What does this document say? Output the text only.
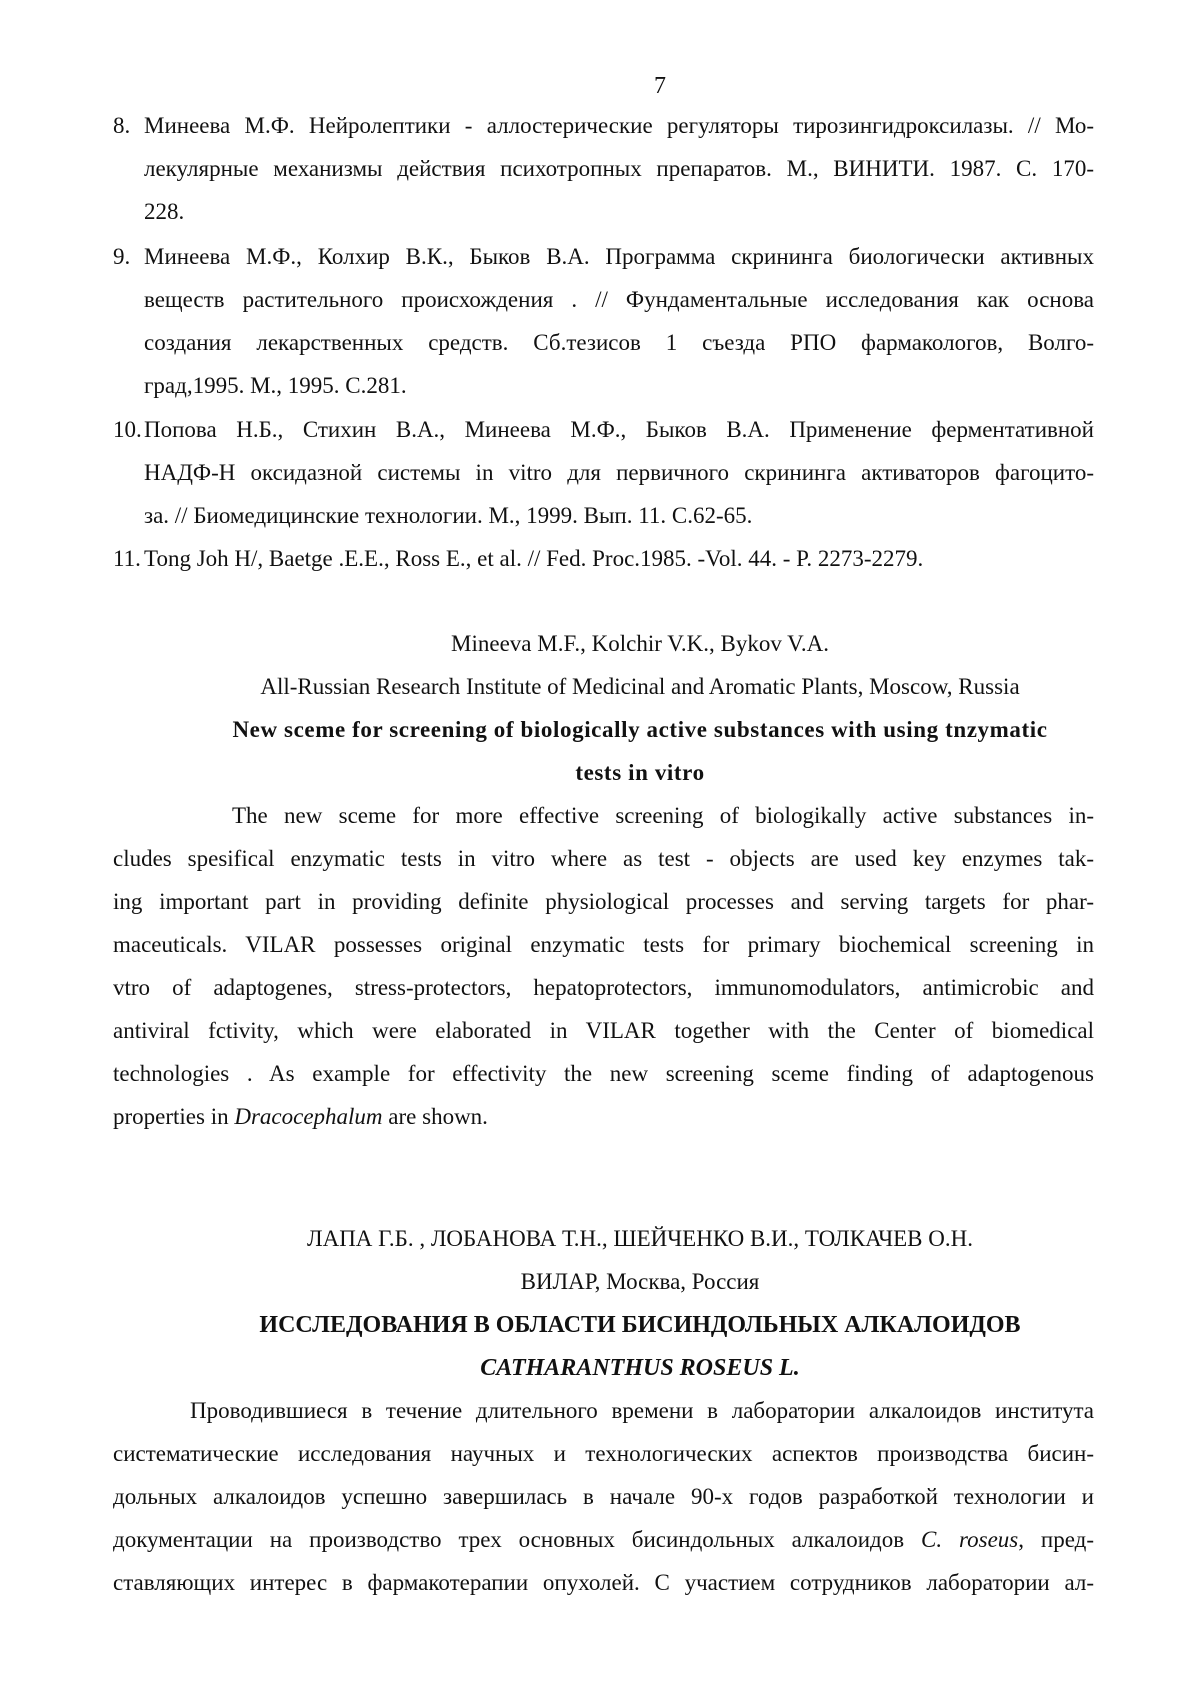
7
8. Минеева М.Ф. Нейролептики - аллостерические регуляторы тирозингидроксилазы. // Мо-
лекулярные механизмы действия психотропных препаратов. М., ВИНИТИ. 1987. С. 170-
228.
9. Минеева М.Ф., Колхир В.К., Быков В.А. Программа скрининга биологически активных
веществ растительного происхождения . // Фундаментальные исследования как основа
создания лекарственных средств. Сб.тезисов 1 съезда РПО фармакологов, Волго-
град,1995. М., 1995. С.281.
10. Попова Н.Б., Стихин В.А., Минеева М.Ф., Быков В.А. Применение ферментативной
НАДФ-Н оксидазной системы in vitro для первичного скрининга активаторов фагоцито-
за. // Биомедицинские технологии. М., 1999. Вып. 11. С.62-65.
11. Tong Joh H/, Baetge .E.E., Ross E., et al. // Fed. Proc.1985. -Vol. 44. - P. 2273-2279.
Mineeva M.F., Kolchir V.K., Bykov V.A.
All-Russian Research Institute of Medicinal and Aromatic Plants, Moscow, Russia
New sceme for screening of biologically active substances with using tnzymatic
tests in vitro
The new sceme for more effective screening of biologikally active substances in-
cludes spesifical enzymatic tests in vitro where as test - objects are used key enzymes tak-
ing important part in providing definite physiological processes and serving targets for phar-
maceuticals. VILAR possesses original enzymatic tests for primary biochemical screening in
vtro of adaptogenes, stress-protectors, hepatoprotectors, immunomodulators, antimicrobic and
antiviral fctivity, which were elaborated in VILAR together with the Center of biomedical
technologies . As example for effectivity the new screening sceme finding of adaptogenous
properties in Dracocephalum are shown.
ЛАПА Г.Б. , ЛОБАНОВА Т.Н., ШЕЙЧЕНКО В.И., ТОЛКАЧЕВ О.Н.
ВИЛАР, Москва, Россия
ИССЛЕДОВАНИЯ В ОБЛАСТИ БИСИНДОЛЬНЫХ АЛКАЛОИДОВ
CATHARANTHUS ROSEUS L.
Проводившиеся в течение длительного времени в лаборатории алкалоидов института
систематические исследования научных и технологических аспектов производства бисин-
дольных алкалоидов успешно завершилась в начале 90-х годов разработкой технологии и
документации на производство трех основных бисиндольных алкалоидов C. roseus, пред-
ставляющих интерес в фармакотерапии опухолей. С участием сотрудников лаборатории ал-
